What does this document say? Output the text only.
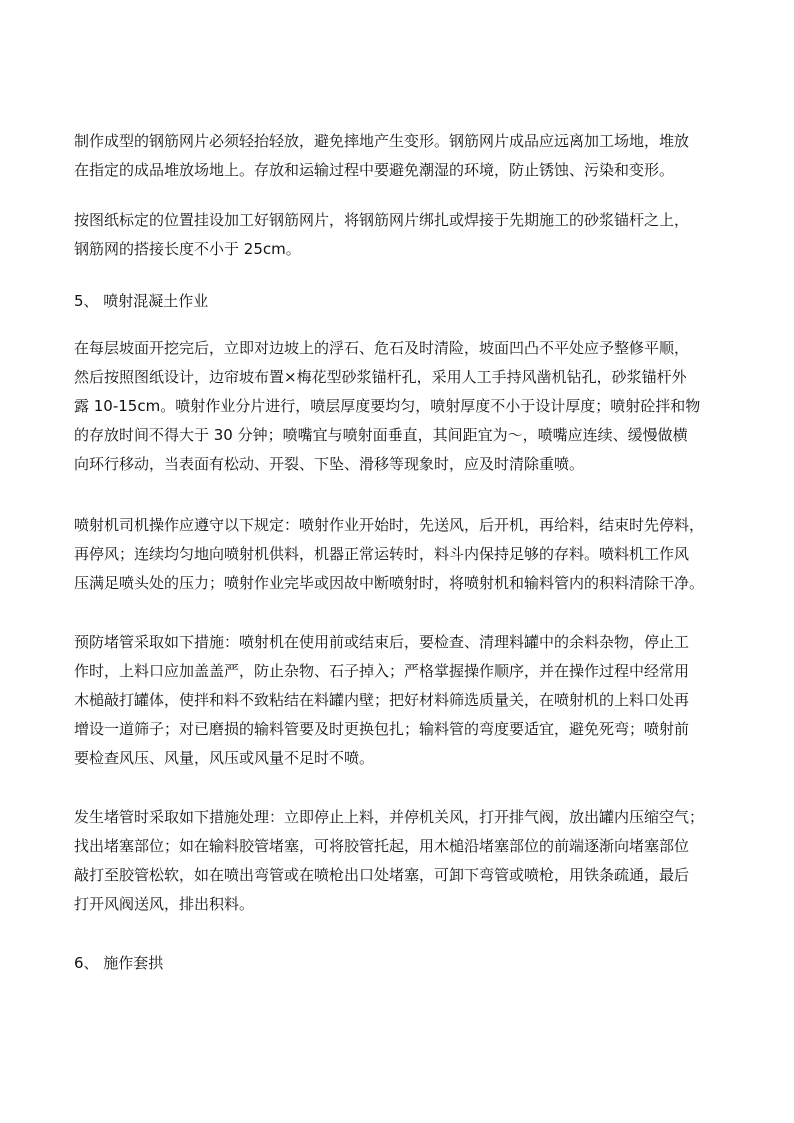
制作成型的钢筋网片必须轻抬轻放，避免摔地产生变形。钢筋网片成品应远离加工场地，堆放
在指定的成品堆放场地上。存放和运输过程中要避免潮湿的环境，防止锈蚀、污染和变形。
按图纸标定的位置挂设加工好钢筋网片，将钢筋网片绑扎或焊接于先期施工的砂浆锚杆之上，
钢筋网的搭接长度不小于 25cm。
5、 喷射混凝土作业
在每层坡面开挖完后，立即对边坡上的浮石、危石及时清险，坡面凹凸不平处应予整修平顺，
然后按照图纸设计，边帘坡布置×梅花型砂浆锚杆孔，采用人工手持风凿机钻孔，砂浆锚杆外
露 10-15cm。喷射作业分片进行，喷层厚度要均匀，喷射厚度不小于设计厚度；喷射砼拌和物
的存放时间不得大于 30 分钟；喷嘴宜与喷射面垂直，其间距宜为～，喷嘴应连续、缓慢做横
向环行移动，当表面有松动、开裂、下坠、滑移等现象时，应及时清除重喷。
喷射机司机操作应遵守以下规定：喷射作业开始时，先送风，后开机，再给料，结束时先停料，
再停风；连续均匀地向喷射机供料，机器正常运转时，料斗内保持足够的存料。喷料机工作风
压满足喷头处的压力；喷射作业完毕或因故中断喷射时，将喷射机和输料管内的积料清除干净。
预防堵管采取如下措施：喷射机在使用前或结束后，要检查、清理料罐中的余料杂物，停止工
作时，上料口应加盖盖严，防止杂物、石子掉入；严格掌握操作顺序，并在操作过程中经常用
木槌敲打罐体，使拌和料不致粘结在料罐内壁；把好材料筛选质量关，在喷射机的上料口处再
增设一道筛子；对已磨损的输料管要及时更换包扎；输料管的弯度要适宜，避免死弯；喷射前
要检查风压、风量，风压或风量不足时不喷。
发生堵管时采取如下措施处理：立即停止上料，并停机关风，打开排气阀，放出罐内压缩空气；
找出堵塞部位；如在输料胶管堵塞，可将胶管托起，用木槌沿堵塞部位的前端逐渐向堵塞部位
敲打至胶管松软，如在喷出弯管或在喷枪出口处堵塞，可卸下弯管或喷枪，用铁条疏通，最后
打开风阀送风，排出积料。
6、 施作套拱
